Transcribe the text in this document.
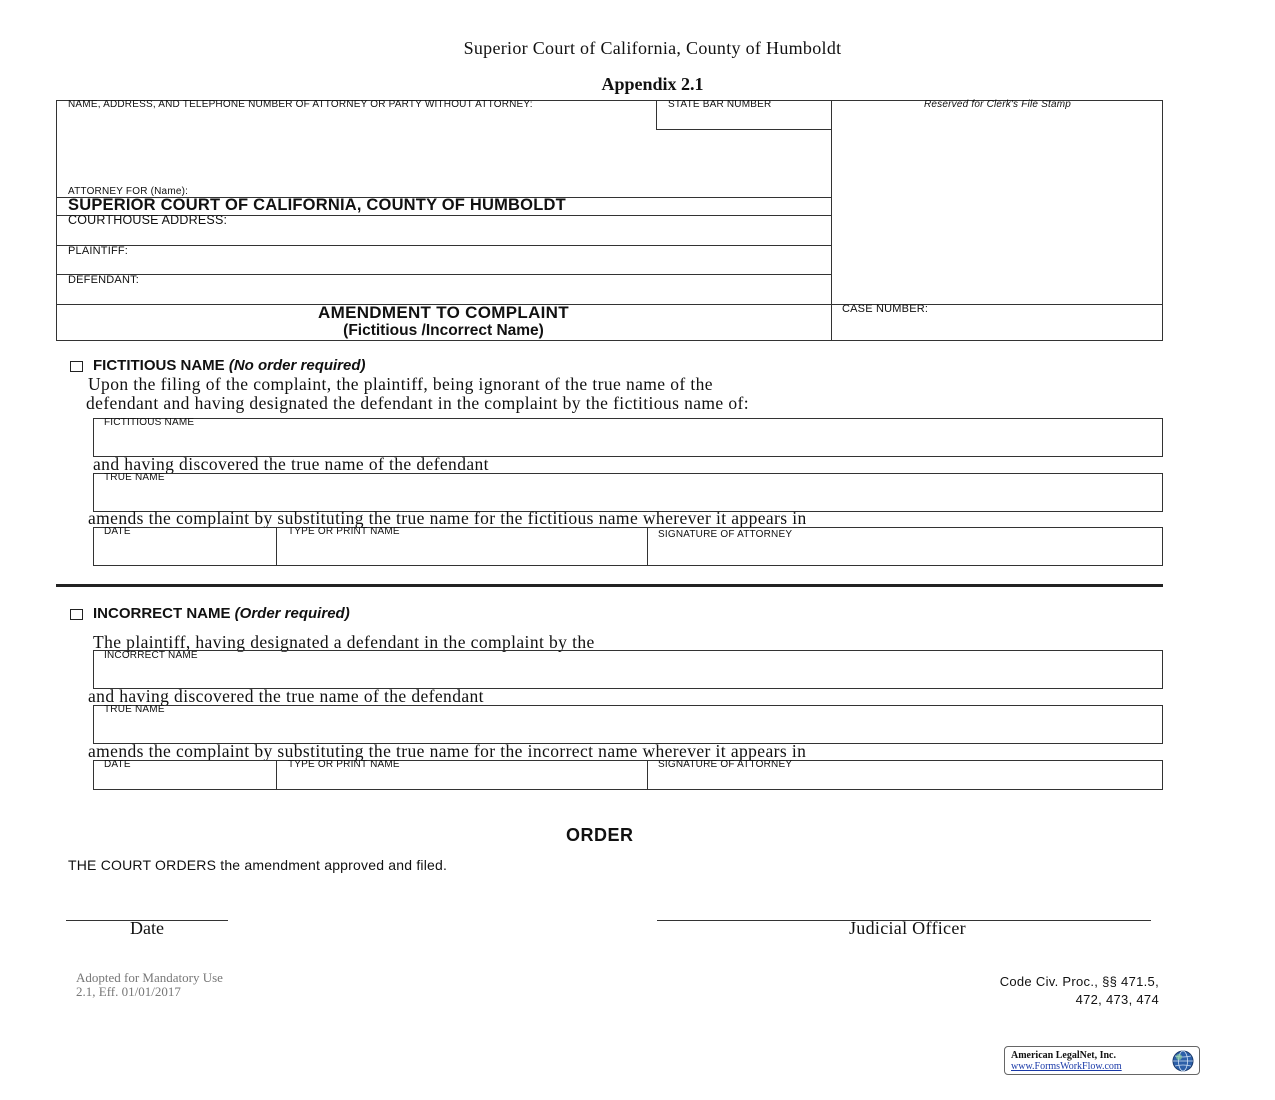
Superior Court of California, County of Humboldt
Appendix 2.1
NAME, ADDRESS, AND TELEPHONE NUMBER OF ATTORNEY OR PARTY WITHOUT ATTORNEY:	STATE BAR NUMBER	Reserved for Clerk's File Stamp
ATTORNEY FOR (Name):
SUPERIOR COURT OF CALIFORNIA, COUNTY OF HUMBOLDT
COURTHOUSE ADDRESS:
PLAINTIFF:
DEFENDANT:
AMENDMENT TO COMPLAINT
(Fictitious /Incorrect Name)
CASE NUMBER:
FICTITIOUS NAME (No order required)
Upon the filing of the complaint, the plaintiff, being ignorant of the true name of the
defendant and having designated the defendant in the complaint by the fictitious name of:
FICTITIOUS NAME
and having discovered the true name of the defendant
TRUE NAME
amends the complaint by substituting the true name for the fictitious name wherever it appears in
DATE	TYPE OR PRINT NAME	SIGNATURE OF ATTORNEY
INCORRECT NAME (Order required)
The plaintiff, having designated a defendant in the complaint by the
INCORRECT NAME
and having discovered the true name of the defendant
TRUE NAME
amends the complaint by substituting the true name for the incorrect name wherever it appears in
DATE	TYPE OR PRINT NAME	SIGNATURE OF ATTORNEY
ORDER
THE COURT ORDERS the amendment approved and filed.
Date	Judicial Officer
Adopted for Mandatory Use
2.1, Eff. 01/01/2017
Code Civ. Proc., §§ 471.5,
472, 473, 474
American LegalNet, Inc.
www.FormsWorkFlow.com
